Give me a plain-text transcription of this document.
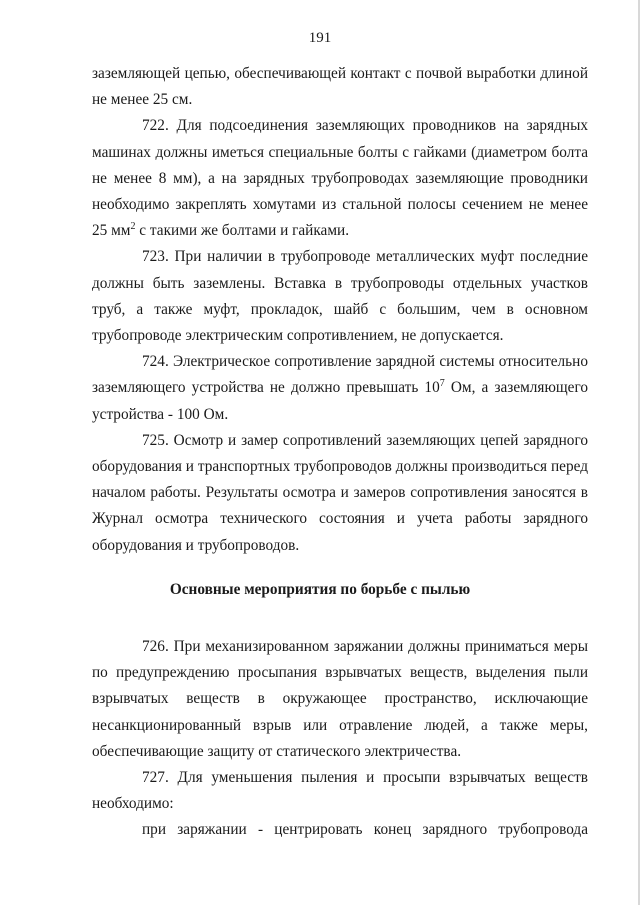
191

заземляющей цепью, обеспечивающей контакт с почвой выработки длиной не менее 25 см.

722. Для подсоединения заземляющих проводников на зарядных машинах должны иметься специальные болты с гайками (диаметром болта не менее 8 мм), а на зарядных трубопроводах заземляющие проводники необходимо закреплять хомутами из стальной полосы сечением не менее 25 $мм^2$ с такими же болтами и гайками.

723. При наличии в трубопроводе металлических муфт последние должны быть заземлены. Вставка в трубопроводы отдельных участков труб, а также муфт, прокладок, шайб с большим, чем в основном трубопроводе электрическим сопротивлением, не допускается.

724. Электрическое сопротивление зарядной системы относительно заземляющего устройства не должно превышать $10^7$ Ом, а заземляющего устройства - 100 Ом.

725. Осмотр и замер сопротивлений заземляющих цепей зарядного оборудования и транспортных трубопроводов должны производиться перед началом работы. Результаты осмотра и замеров сопротивления заносятся в Журнал осмотра технического состояния и учета работы зарядного оборудования и трубопроводов.

Основные мероприятия по борьбе с пылью

726. При механизированном заряжании должны приниматься меры по предупреждению просыпания взрывчатых веществ, выделения пыли взрывчатых веществ в окружающее пространство, исключающие несанкционированный взрыв или отравление людей, а также меры, обеспечивающие защиту от статического электричества.

727. Для уменьшения пыления и просыпи взрывчатых веществ необходимо:

при заряжании - центрировать конец зарядного трубопровода
